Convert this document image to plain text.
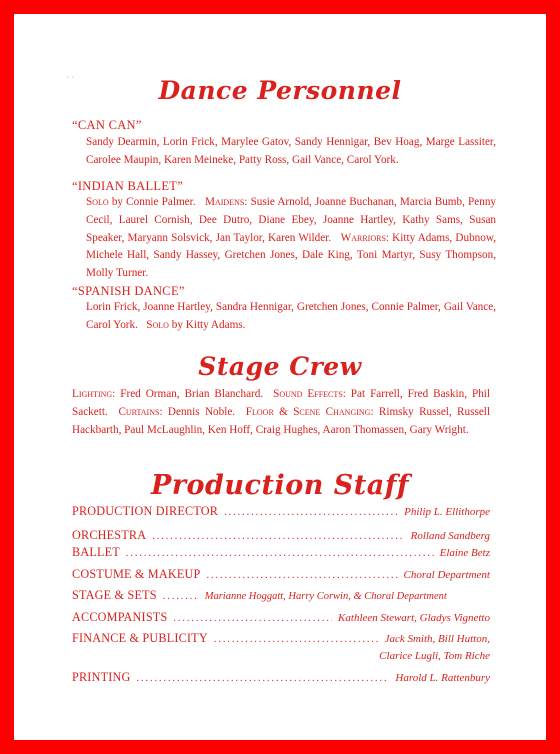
· ·	Dance Personnel
“CAN CAN”
Sandy Dearmin, Lorin Frick, Marylee Gatov, Sandy Hennigar, Bev Hoag, Marge Lassiter, Carolee Maupin, Karen Meineke, Patty Ross, Gail Vance, Carol York.
“INDIAN BALLET”
Solo by Connie Palmer. Maidens: Susie Arnold, Joanne Buchanan, Marcia Bumb, Penny Cecil, Laurel Cornish, Dee Dutro, Diane Ebey, Joanne Hartley, Kathy Sams, Susan Speaker, Maryann Solsvick, Jan Taylor, Karen Wilder. Warriors: Kitty Adams, Dubnow, Michele Hall, Sandy Hassey, Gretchen Jones, Dale King, Toni Martyr, Susy Thompson, Molly Turner.
“SPANISH DANCE”
Lorin Frick, Joanne Hartley, Sandra Hennigar, Gretchen Jones, Connie Palmer, Gail Vance, Carol York. Solo by Kitty Adams.
Stage Crew
Lighting: Fred Orman, Brian Blanchard. Sound Effects: Pat Farrell, Fred Baskin, Phil Sackett. Curtains: Dennis Noble. Floor & Scene Changing: Rimsky Russel, Russell Hackbarth, Paul McLaughlin, Ken Hoff, Craig Hughes, Aaron Thomassen, Gary Wright.
Production Staff
PRODUCTION DIRECTOR .....	Philip L. Ellithorpe
ORCHESTRA .....	Rolland Sandberg
BALLET .....	Elaine Betz
COSTUME & MAKEUP .....	Choral Department
STAGE & SETS .....	Marianne Hoggatt, Harry Corwin, & Choral Department
ACCOMPANISTS .....	Kathleen Stewart, Gladys Vignetto
FINANCE & PUBLICITY .....	Jack Smith, Bill Hutton,
Clarice Lugli, Tom Riche
PRINTING .....	Harold L. Rattenbury
